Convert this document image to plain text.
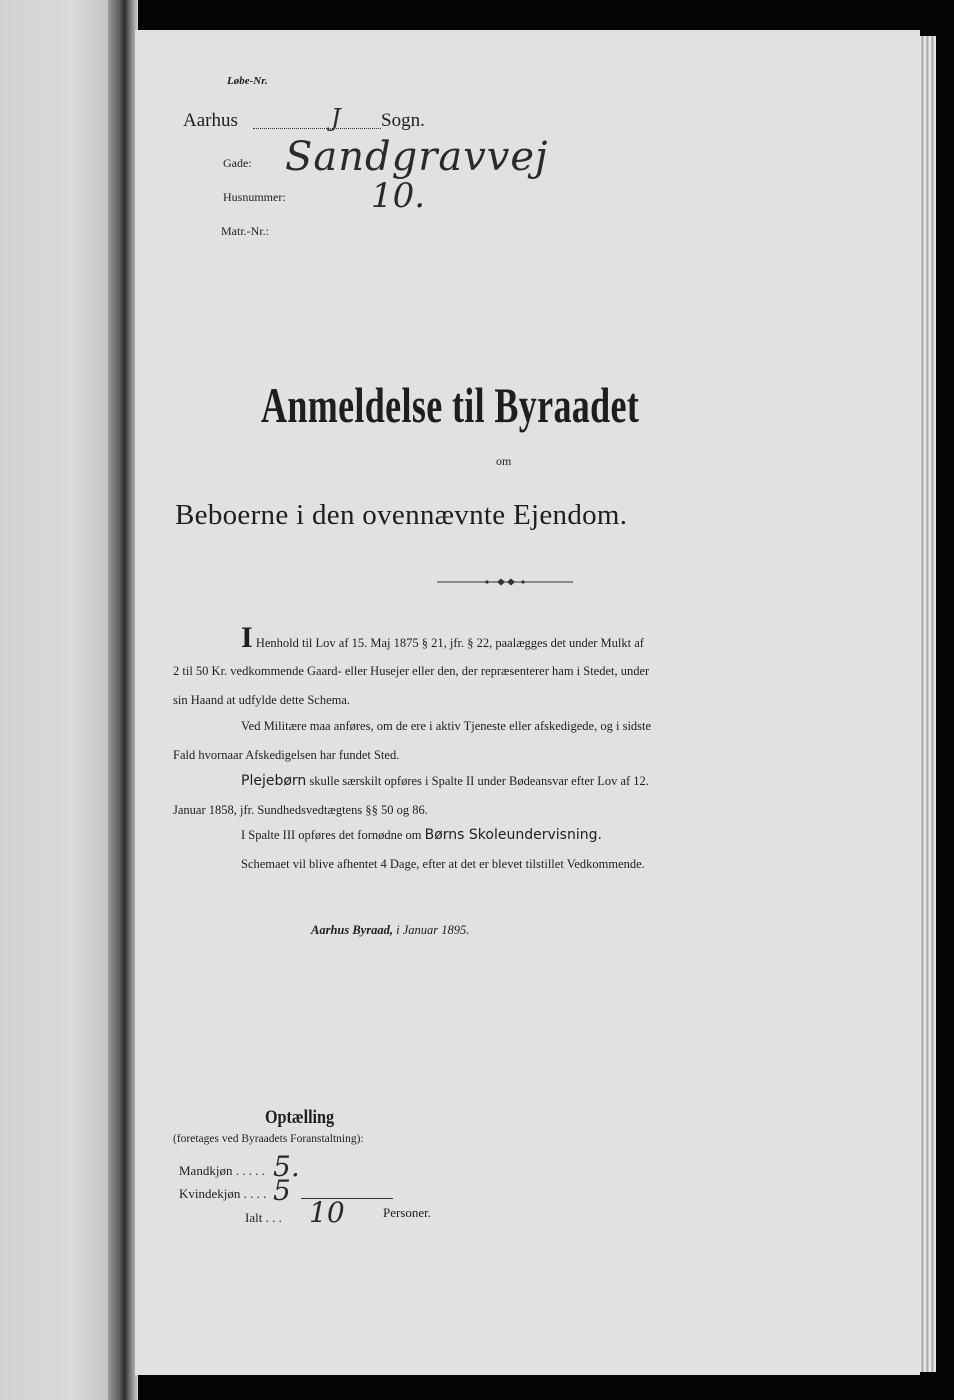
Løbe-Nr.
Aarhus	J Sogn.
Gade: Sandgravvej
Husnummer:	10.
Matr.-Nr.:
Anmeldelse til Byraadet
om
Beboerne i den ovennævnte Ejendom.
I Henhold til Lov af 15. Maj 1875 § 21, jfr. § 22, paalægges det under Mulkt af
2 til 50 Kr. vedkommende Gaard- eller Husejer eller den, der repræsenterer ham i Stedet, under
sin Haand at udfylde dette Schema.
Ved Militære maa anføres, om de ere i aktiv Tjeneste eller afskedigede, og i sidste
Fald hvornaar Afskedigelsen har fundet Sted.
Plejebørn skulle særskilt opføres i Spalte II under Bødeansvar efter Lov af 12.
Januar 1858, jfr. Sundhedsvedtægtens §§ 50 og 86.
I Spalte III opføres det fornødne om Børns Skoleundervisning.
Schemaet vil blive afhentet 4 Dage, efter at det er blevet tilstillet Vedkommende.
Aarhus Byraad, i Januar 1895.
Optælling
(foretages ved Byraadets Foranstaltning):
Mandkjøn . . . . . 5.
Kvindekjøn . . . . 5
Ialt . . . 10	Personer.
